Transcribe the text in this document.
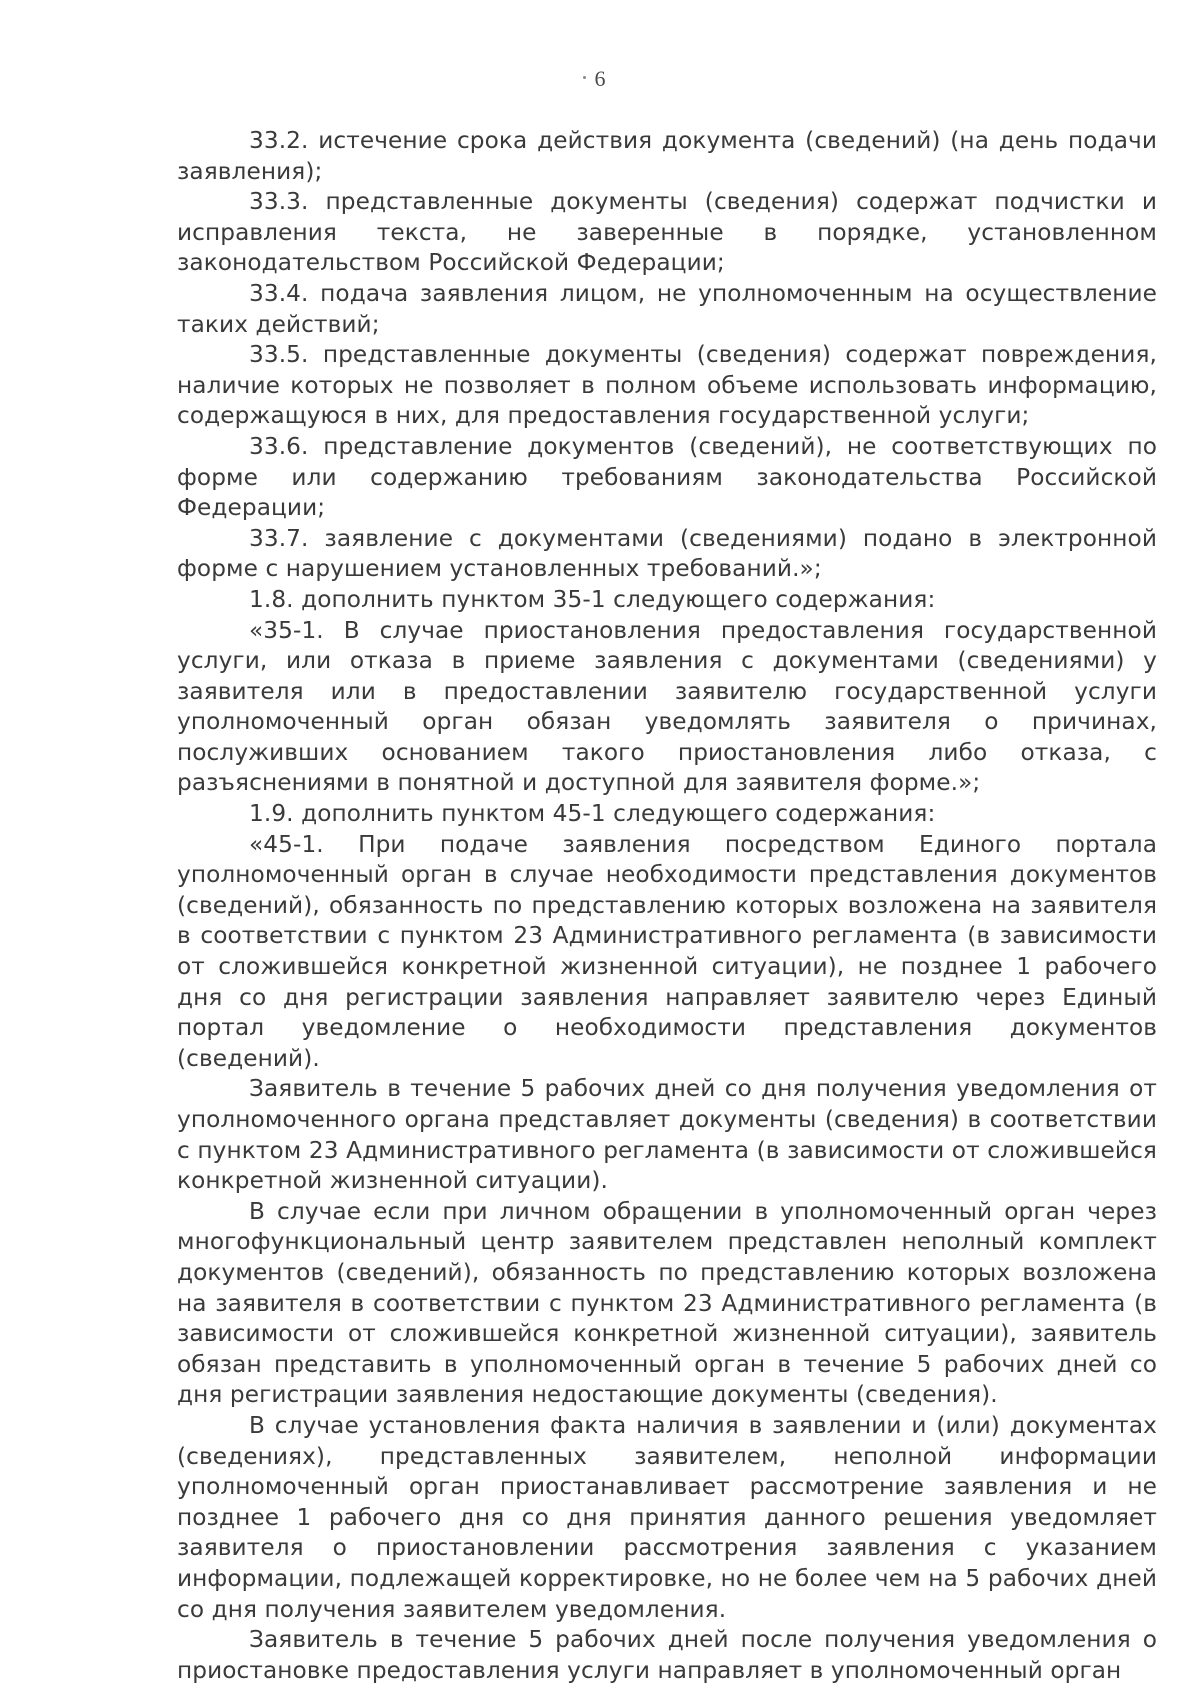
6

33.2. истечение срока действия документа (сведений) (на день подачи заявления);

33.3. представленные документы (сведения) содержат подчистки и исправления текста, не заверенные в порядке, установленном законодательством Российской Федерации;

33.4. подача заявления лицом, не уполномоченным на осуществление таких действий;

33.5. представленные документы (сведения) содержат повреждения, наличие которых не позволяет в полном объеме использовать информацию, содержащуюся в них, для предоставления государственной услуги;

33.6. представление документов (сведений), не соответствующих по форме или содержанию требованиям законодательства Российской Федерации;

33.7. заявление с документами (сведениями) подано в электронной форме с нарушением установленных требований.»;

1.8. дополнить пунктом 35-1 следующего содержания:

«35-1. В случае приостановления предоставления государственной услуги, или отказа в приеме заявления с документами (сведениями) у заявителя или в предоставлении заявителю государственной услуги уполномоченный орган обязан уведомлять заявителя о причинах, послуживших основанием такого приостановления либо отказа, с разъяснениями в понятной и доступной для заявителя форме.»;

1.9. дополнить пунктом 45-1 следующего содержания:

«45-1. При подаче заявления посредством Единого портала уполномоченный орган в случае необходимости представления документов (сведений), обязанность по представлению которых возложена на заявителя в соответствии с пунктом 23 Административного регламента (в зависимости от сложившейся конкретной жизненной ситуации), не позднее 1 рабочего дня со дня регистрации заявления направляет заявителю через Единый портал уведомление о необходимости представления документов (сведений).

Заявитель в течение 5 рабочих дней со дня получения уведомления от уполномоченного органа представляет документы (сведения) в соответствии с пунктом 23 Административного регламента (в зависимости от сложившейся конкретной жизненной ситуации).

В случае если при личном обращении в уполномоченный орган через многофункциональный центр заявителем представлен неполный комплект документов (сведений), обязанность по представлению которых возложена на заявителя в соответствии с пунктом 23 Административного регламента (в зависимости от сложившейся конкретной жизненной ситуации), заявитель обязан представить в уполномоченный орган в течение 5 рабочих дней со дня регистрации заявления недостающие документы (сведения).

В случае установления факта наличия в заявлении и (или) документах (сведениях), представленных заявителем, неполной информации уполномоченный орган приостанавливает рассмотрение заявления и не позднее 1 рабочего дня со дня принятия данного решения уведомляет заявителя о приостановлении рассмотрения заявления с указанием информации, подлежащей корректировке, но не более чем на 5 рабочих дней со дня получения заявителем уведомления.

Заявитель в течение 5 рабочих дней после получения уведомления о приостановке предоставления услуги направляет в уполномоченный орган
